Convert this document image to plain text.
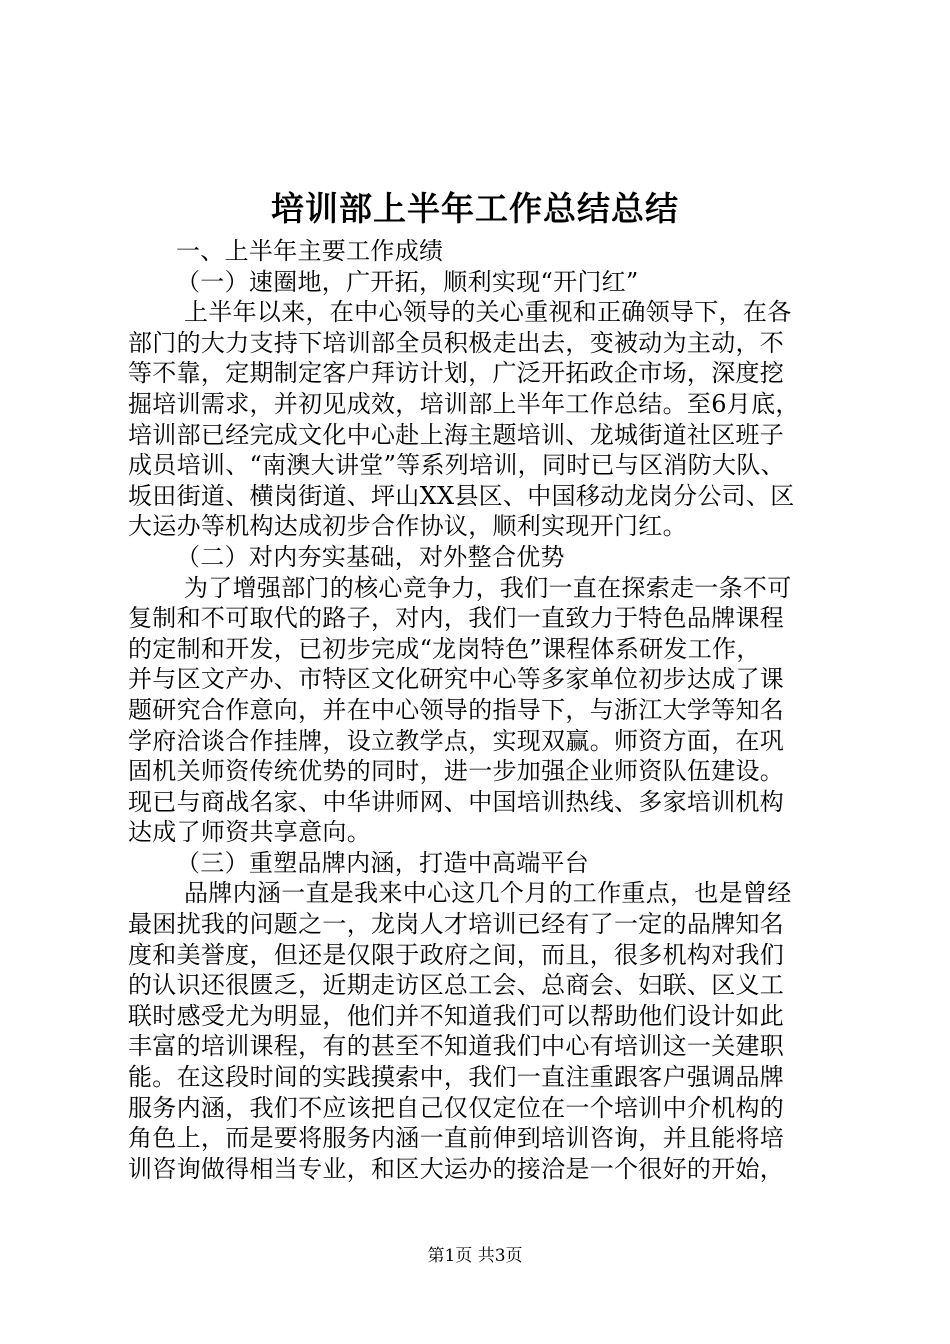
培训部上半年工作总结总结

一、上半年主要工作成绩

（一）速圈地，广开拓，顺利实现“开门红”

上半年以来，在中心领导的关心重视和正确领导下，在各

部门的大力支持下培训部全员积极走出去，变被动为主动，不

等不靠，定期制定客户拜访计划，广泛开拓政企市场，深度挖

掘培训需求，并初见成效，培训部上半年工作总结。至6月底，

培训部已经完成文化中心赴上海主题培训、龙城街道社区班子

成员培训、“南澳大讲堂”等系列培训，同时已与区消防大队、

坂田街道、横岗街道、坪山XX县区、中国移动龙岗分公司、区

大运办等机构达成初步合作协议，顺利实现开门红。

（二）对内夯实基础，对外整合优势

为了增强部门的核心竞争力，我们一直在探索走一条不可

复制和不可取代的路子，对内，我们一直致力于特色品牌课程

的定制和开发，已初步完成“龙岗特色”课程体系研发工作，

并与区文产办、市特区文化研究中心等多家单位初步达成了课

题研究合作意向，并在中心领导的指导下，与浙江大学等知名

学府洽谈合作挂牌，设立教学点，实现双赢。师资方面，在巩

固机关师资传统优势的同时，进一步加强企业师资队伍建设。

现已与商战名家、中华讲师网、中国培训热线、多家培训机构

达成了师资共享意向。

（三）重塑品牌内涵，打造中高端平台

品牌内涵一直是我来中心这几个月的工作重点，也是曾经

最困扰我的问题之一，龙岗人才培训已经有了一定的品牌知名

度和美誉度，但还是仅限于政府之间，而且，很多机构对我们

的认识还很匮乏，近期走访区总工会、总商会、妇联、区义工

联时感受尤为明显，他们并不知道我们可以帮助他们设计如此

丰富的培训课程，有的甚至不知道我们中心有培训这一关建职

能。在这段时间的实践摸索中，我们一直注重跟客户强调品牌

服务内涵，我们不应该把自己仅仅定位在一个培训中介机构的

角色上，而是要将服务内涵一直前伸到培训咨询，并且能将培

训咨询做得相当专业，和区大运办的接洽是一个很好的开始，

第1页 共3页
